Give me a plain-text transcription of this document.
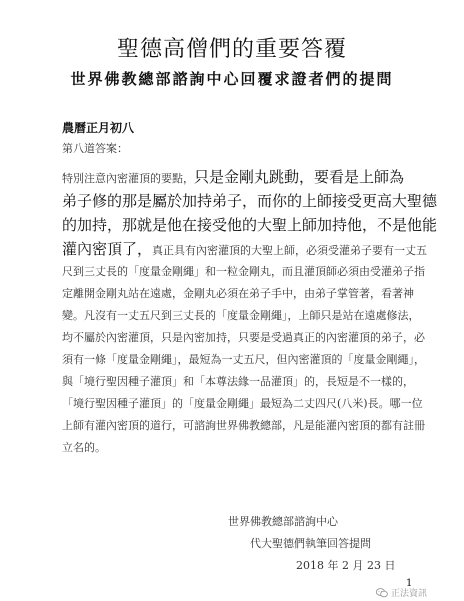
聖德高僧們的重要答覆
世界佛教總部諮詢中心回覆求證者們的提問
農曆正月初八
第八道答案：
特別注意內密灌頂的要點，只是金剛丸跳動，要看是上師為
弟子修的那是屬於加持弟子，而你的上師接受更高大聖德
的加持，那就是他在接受他的大聖上師加持他，不是他能
灌內密頂了，真正具有內密灌頂的大聖上師，必須受灌弟子要有一丈五
尺到三丈長的「度量金剛繩」和一粒金剛丸，而且灌頂師必須由受灌弟子指
定離開金剛丸站在遠處，金剛丸必須在弟子手中，由弟子掌管著，看著神
變。凡沒有一丈五尺到三丈長的「度量金剛繩」，上師只是站在遠處修法，
均不屬於內密灌頂，只是內密加持，只要是受過真正的內密灌頂的弟子，必
須有一條「度量金剛繩」，最短為一丈五尺，但內密灌頂的「度量金剛繩」，
與「境行聖因種子灌頂」和「本尊法緣一品灌頂」的，長短是不一樣的，
「境行聖因種子灌頂」的「度量金剛繩」最短為二丈四尺(八米)長。哪一位
上師有灌內密頂的道行，可諮詢世界佛教總部，凡是能灌內密頂的都有註冊
立名的。
世界佛教總部諮詢中心
代大聖德們執筆回答提問
2018 年 2 月 23 日
1
正法資訊
